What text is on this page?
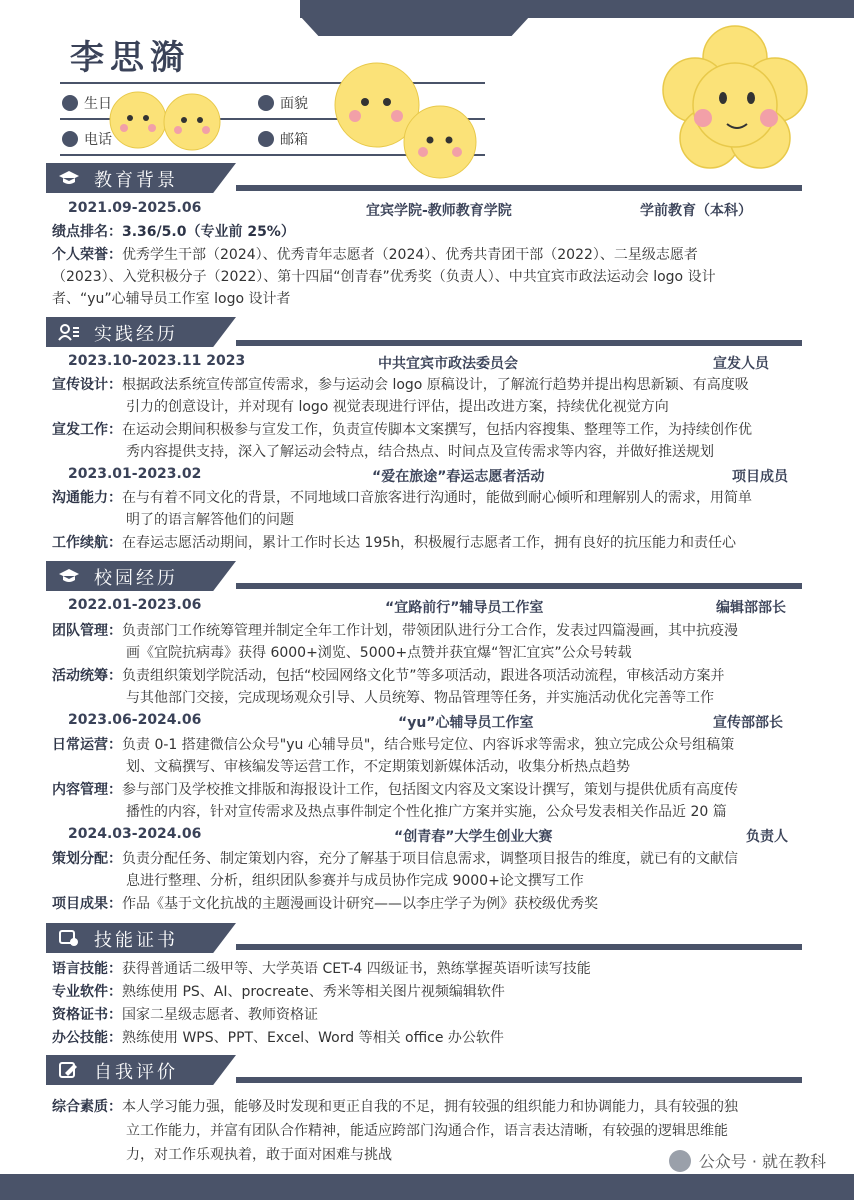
李思漪
生日	面貌
电话	邮箱
教育背景
2021.09-2025.06	宜宾学院-教师教育学院	学前教育（本科）
绩点排名：3.36/5.0（专业前 25%）
个人荣誉：优秀学生干部（2024）、优秀青年志愿者（2024）、优秀共青团干部（2022）、二星级志愿者
（2023）、入党积极分子（2022）、第十四届“创青春”优秀奖（负责人）、中共宜宾市政法运动会 logo 设计
者、“yu”心辅导员工作室 logo 设计者
实践经历
2023.10-2023.11 2023	中共宜宾市政法委员会	宣发人员
宣传设计：根据政法系统宣传部宣传需求，参与运动会 logo 原稿设计，了解流行趋势并提出构思新颖、有高度吸
引力的创意设计，并对现有 logo 视觉表现进行评估，提出改进方案，持续优化视觉方向
宣发工作：在运动会期间积极参与宣发工作，负责宣传脚本文案撰写，包括内容搜集、整理等工作，为持续创作优
秀内容提供支持，深入了解运动会特点，结合热点、时间点及宣传需求等内容，并做好推送规划
2023.01-2023.02	“爱在旅途”春运志愿者活动	项目成员
沟通能力：在与有着不同文化的背景，不同地域口音旅客进行沟通时，能做到耐心倾听和理解别人的需求，用简单
明了的语言解答他们的问题
工作续航：在春运志愿活动期间，累计工作时长达 195h，积极履行志愿者工作，拥有良好的抗压能力和责任心
校园经历
2022.01-2023.06	“宜路前行”辅导员工作室	编辑部部长
团队管理：负责部门工作统筹管理并制定全年工作计划，带领团队进行分工合作，发表过四篇漫画，其中抗疫漫
画《宜院抗病毒》获得 6000+浏览、5000+点赞并获宜爆“智汇宜宾”公众号转载
活动统筹：负责组织策划学院活动，包括“校园网络文化节”等多项活动，跟进各项活动流程，审核活动方案并
与其他部门交接，完成现场观众引导、人员统筹、物品管理等任务，并实施活动优化完善等工作
2023.06-2024.06	“yu”心辅导员工作室	宣传部部长
日常运营：负责 0-1 搭建微信公众号"yu 心辅导员"，结合账号定位、内容诉求等需求，独立完成公众号组稿策
划、文稿撰写、审核编发等运营工作，不定期策划新媒体活动，收集分析热点趋势
内容管理：参与部门及学校推文排版和海报设计工作，包括图文内容及文案设计撰写，策划与提供优质有高度传
播性的内容，针对宣传需求及热点事件制定个性化推广方案并实施，公众号发表相关作品近 20 篇
2024.03-2024.06	“创青春”大学生创业大赛	负责人
策划分配：负责分配任务、制定策划内容，充分了解基于项目信息需求，调整项目报告的维度，就已有的文献信
息进行整理、分析，组织团队参赛并与成员协作完成 9000+论文撰写工作
项目成果：作品《基于文化抗战的主题漫画设计研究——以李庄学子为例》获校级优秀奖
技能证书
语言技能：获得普通话二级甲等、大学英语 CET-4 四级证书，熟练掌握英语听读写技能
专业软件：熟练使用 PS、AI、procreate、秀米等相关图片视频编辑软件
资格证书：国家二星级志愿者、教师资格证
办公技能：熟练使用 WPS、PPT、Excel、Word 等相关 office 办公软件
自我评价
综合素质：本人学习能力强，能够及时发现和更正自我的不足，拥有较强的组织能力和协调能力，具有较强的独
立工作能力，并富有团队合作精神，能适应跨部门沟通合作，语言表达清晰，有较强的逻辑思维能
力，对工作乐观执着，敢于面对困难与挑战	公众号 · 就在教科
